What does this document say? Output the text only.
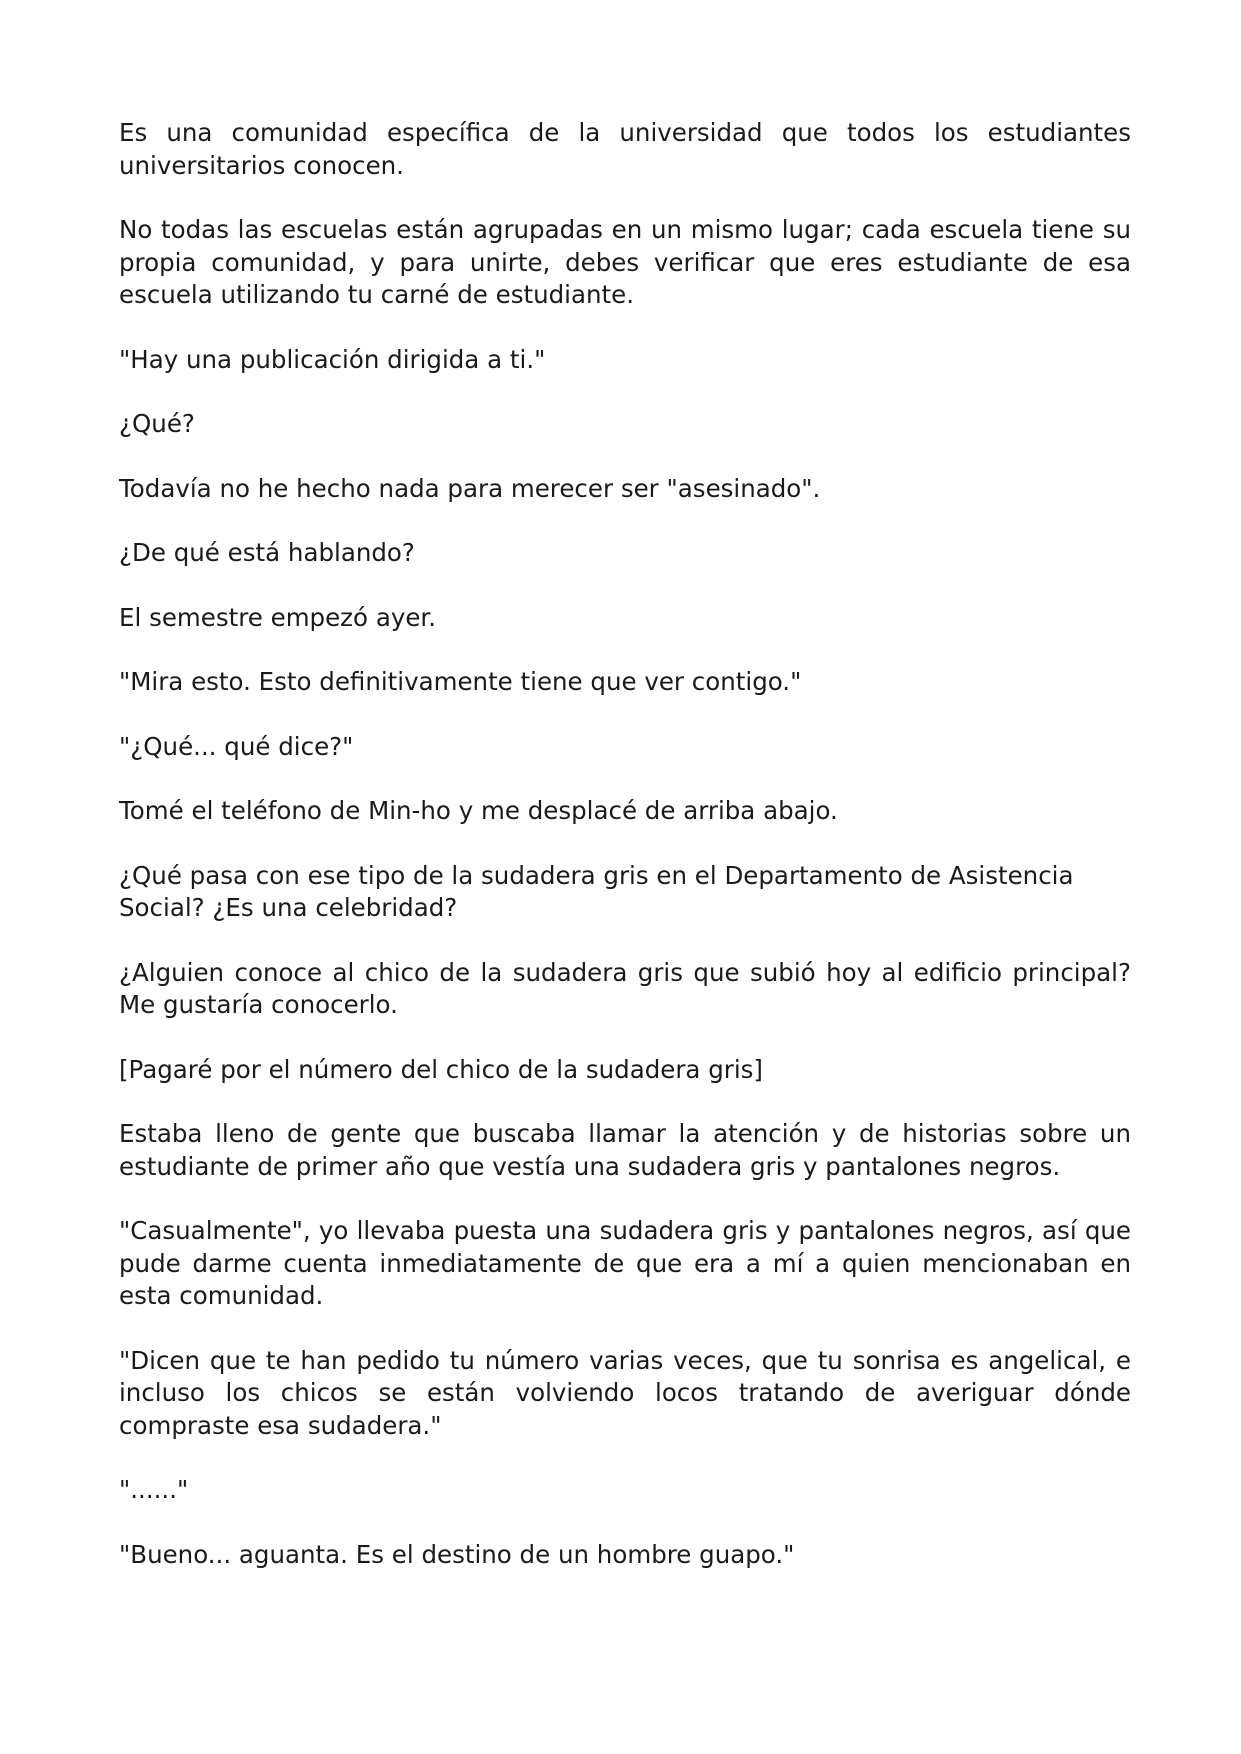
Es una comunidad específica de la universidad que todos los estudiantes universitarios conocen.

No todas las escuelas están agrupadas en un mismo lugar; cada escuela tiene su propia comunidad, y para unirte, debes verificar que eres estudiante de esa escuela utilizando tu carné de estudiante.

"Hay una publicación dirigida a ti."

¿Qué?

Todavía no he hecho nada para merecer ser "asesinado".

¿De qué está hablando?

El semestre empezó ayer.

"Mira esto. Esto definitivamente tiene que ver contigo."

"¿Qué... qué dice?"

Tomé el teléfono de Min-ho y me desplacé de arriba abajo.

¿Qué pasa con ese tipo de la sudadera gris en el Departamento de Asistencia Social? ¿Es una celebridad?

¿Alguien conoce al chico de la sudadera gris que subió hoy al edificio principal? Me gustaría conocerlo.

[Pagaré por el número del chico de la sudadera gris]

Estaba lleno de gente que buscaba llamar la atención y de historias sobre un estudiante de primer año que vestía una sudadera gris y pantalones negros.

"Casualmente", yo llevaba puesta una sudadera gris y pantalones negros, así que pude darme cuenta inmediatamente de que era a mí a quien mencionaban en esta comunidad.

"Dicen que te han pedido tu número varias veces, que tu sonrisa es angelical, e incluso los chicos se están volviendo locos tratando de averiguar dónde compraste esa sudadera."

"......"

"Bueno... aguanta. Es el destino de un hombre guapo."
